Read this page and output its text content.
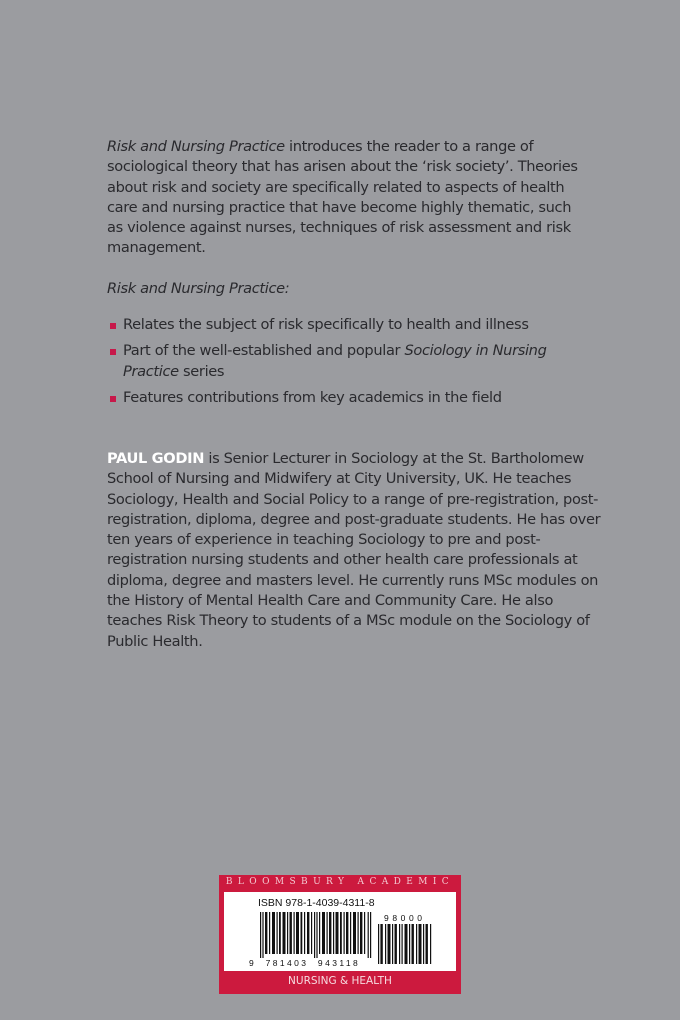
Risk and Nursing Practice introduces the reader to a range of sociological theory that has arisen about the ‘risk society’. Theories about risk and society are specifically related to aspects of health care and nursing practice that have become highly thematic, such as violence against nurses, techniques of risk assessment and risk management.
Risk and Nursing Practice:
Relates the subject of risk specifically to health and illness
Part of the well-established and popular Sociology in Nursing Practice series
Features contributions from key academics in the field
PAUL GODIN is Senior Lecturer in Sociology at the St. Bartholomew School of Nursing and Midwifery at City University, UK. He teaches Sociology, Health and Social Policy to a range of pre-registration, post-registration, diploma, degree and post-graduate students. He has over ten years of experience in teaching Sociology to pre and post-registration nursing students and other health care professionals at diploma, degree and masters level. He currently runs MSc modules on the History of Mental Health Care and Community Care. He also teaches Risk Theory to students of a MSc module on the Sociology of Public Health.
BLOOMSBURY ACADEMIC
ISBN 978-1-4039-4311-8
98000
9  781403  943118
NURSING & HEALTH
